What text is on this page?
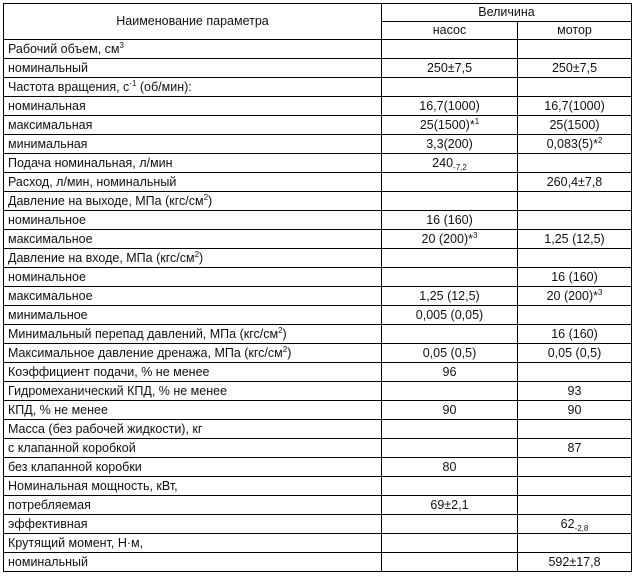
Наименование параметра	Величина	
	насос	мотор
Рабочий объем, $см^3$		
номинальный	250±7,5	250±7,5
Частота вращения, $с^{-1}$ (об/мин):		
номинальная	16,7(1000)	16,7(1000)
максимальная	25(1500)*$^1$	25(1500)
минимальная	3,3(200)	0,083(5)*$^2$
Подача номинальная, л/мин	$240_{-7,2}$	
Расход, л/мин, номинальный		260,4±7,8
Давление на выходе, МПа $(кгс/см^2)$		
номинальное	16 (160)	
максимальное	20 (200)*$^3$	1,25 (12,5)
Давление на входе, МПа $(кгс/см^2)$		
номинальное		16 (160)
максимальное	1,25 (12,5)	20 (200)*$^3$
минимальное	0,005 (0,05)	
Минимальный перепад давлений, МПа $(кгс/см^2)$		16 (160)
Максимальное давление дренажа, МПа $(кгс/см^2)$	0,05 (0,5)	0,05 (0,5)
Коэффициент подачи, % не менее	96	
Гидромеханический КПД, % не менее		93
КПД, % не менее	90	90
Масса (без рабочей жидкости), кг		
с клапанной коробкой		87
без клапанной коробки	80	
Номинальная мощность, кВт,		
потребляемая	69±2,1	
эффективная		$62_{-2,8}$
Крутящий момент, Н·м,		
номинальный		592±17,8
